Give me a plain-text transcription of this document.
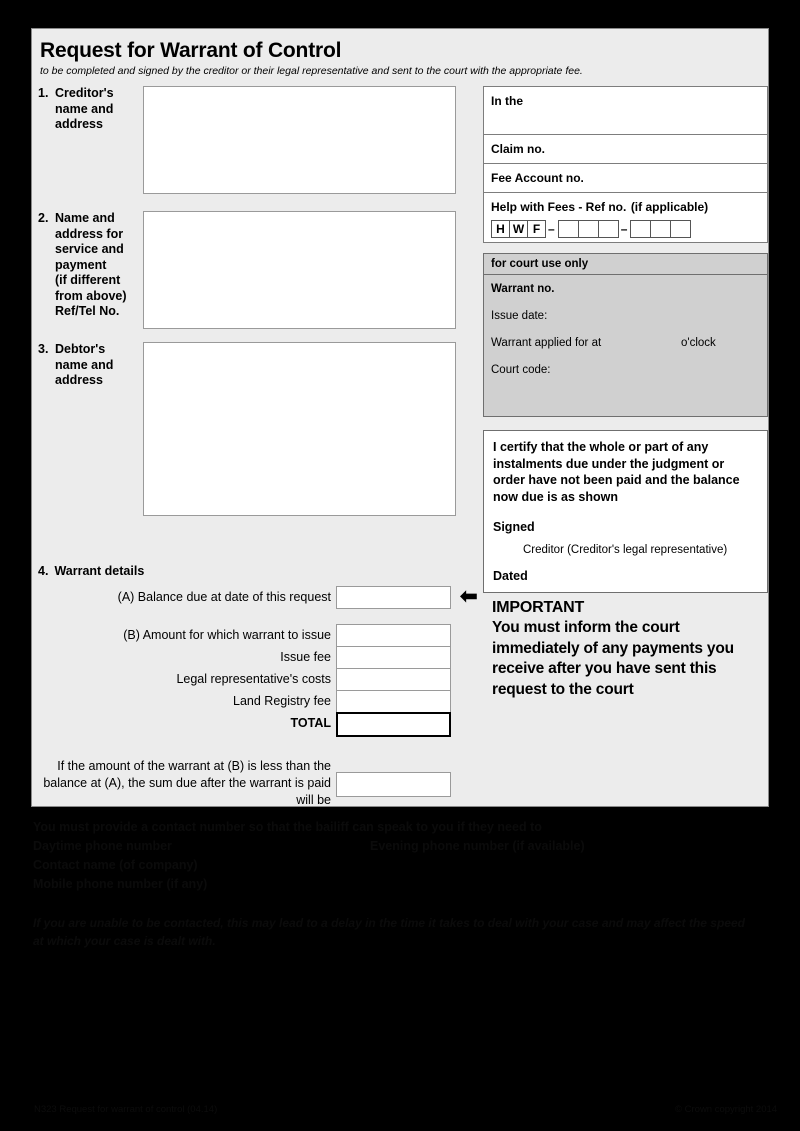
Request for Warrant of Control
to be completed and signed by the creditor or their legal representative and sent to the court with the appropriate fee.
1. Creditor's
name and
address
2. Name and
address for
service and
payment
(if different
from above)
Ref/Tel No.
3. Debtor's
name and
address
4. Warrant details
(A) Balance due at date of this request	⬅
(B) Amount for which warrant to issue
Issue fee
Legal representative's costs
Land Registry fee
TOTAL
If the amount of the warrant at (B) is less than the balance at (A), the sum due after the warrant is paid will be
In the
Claim no.
Fee Account no.
Help with Fees - Ref no. (if applicable)
H W F –	–
for court use only
Warrant no.
Issue date:
Warrant applied for at	o'clock
Court code:
I certify that the whole or part of any instalments due under the judgment or order have not been paid and the balance now due is as shown
Signed
Creditor (Creditor's legal representative)
Dated
IMPORTANT
You must inform the court immediately of any payments you receive after you have sent this request to the court
You must provide a contact number so that the bailiff can speak to you if they need to
Daytime phone number	Evening phone number (if available)
Contact name (of company)
Mobile phone number (if any)
If you are unable to be contacted, this may lead to a delay in the time it takes to deal with your case and may affect the speed at which your case is dealt with.
N323 Request for warrant of control (04.14)	© Crown copyright 2014
